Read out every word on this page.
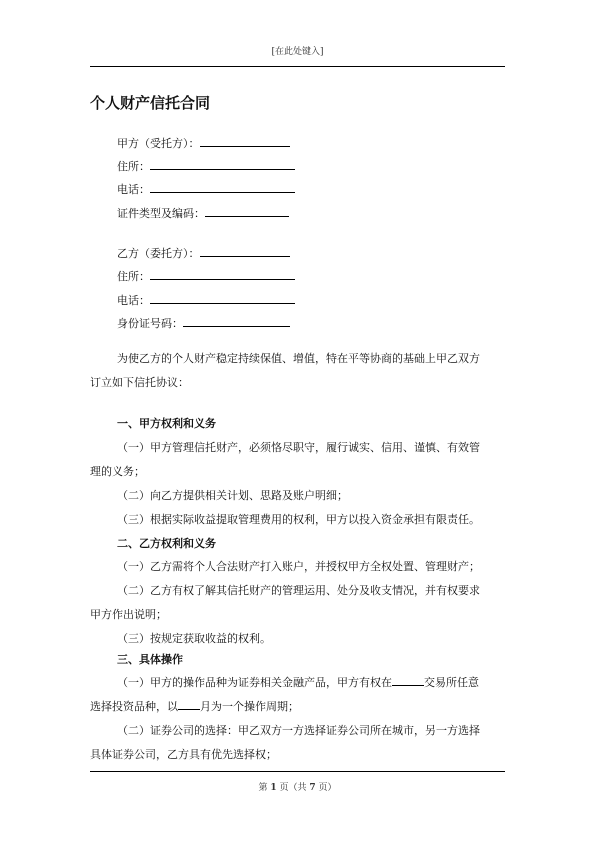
[在此处键入]
个人财产信托合同
甲方（受托方）：
住所：
电话：
证件类型及编码：
乙方（委托方）：
住所：
电话：
身份证号码：
为使乙方的个人财产稳定持续保值、增值，特在平等协商的基础上甲乙双方
订立如下信托协议：
一、甲方权利和义务
（一）甲方管理信托财产，必须恪尽职守，履行诚实、信用、谨慎、有效管
理的义务；
（二）向乙方提供相关计划、思路及账户明细；
（三）根据实际收益提取管理费用的权利，甲方以投入资金承担有限责任。
二、乙方权利和义务
（一）乙方需将个人合法财产打入账户，并授权甲方全权处置、管理财产；
（二）乙方有权了解其信托财产的管理运用、处分及收支情况，并有权要求
甲方作出说明；
（三）按规定获取收益的权利。
三、具体操作
（一）甲方的操作品种为证券相关金融产品，甲方有权在	交易所任意
选择投资品种，以 月为一个操作周期；
（二）证券公司的选择：甲乙双方一方选择证券公司所在城市，另一方选择
具体证券公司，乙方具有优先选择权；
第 1 页（共 7 页）
